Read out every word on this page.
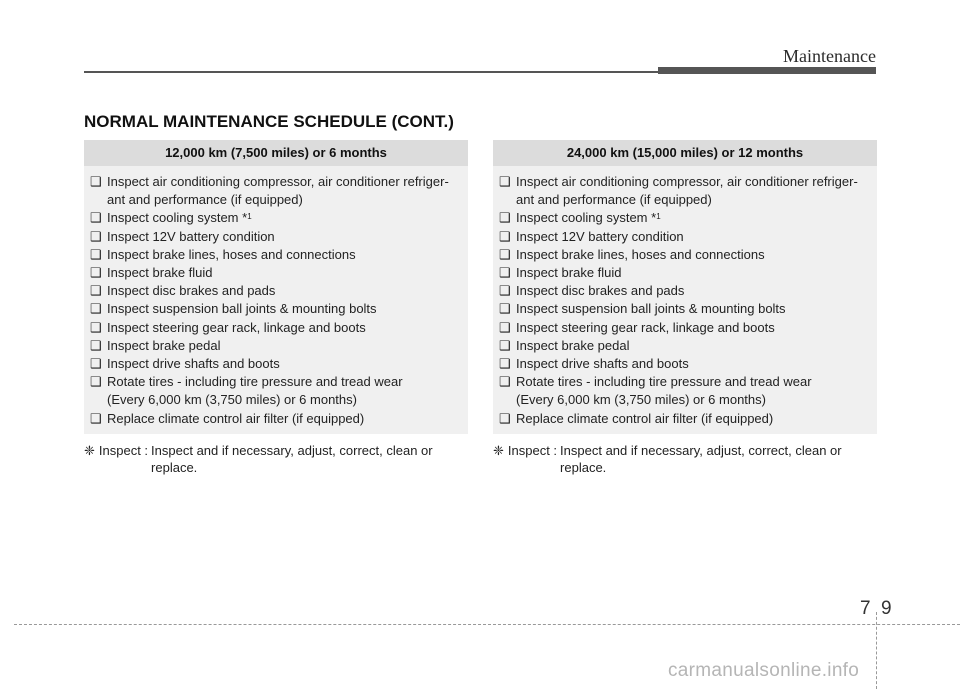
Maintenance
NORMAL MAINTENANCE SCHEDULE (CONT.)
12,000 km (7,500 miles) or 6 months
❑ Inspect air conditioning compressor, air conditioner refriger-
ant and performance (if equipped)
❑ Inspect cooling system *$^1$
❑ Inspect 12V battery condition
❑ Inspect brake lines, hoses and connections
❑ Inspect brake fluid
❑ Inspect disc brakes and pads
❑ Inspect suspension ball joints & mounting bolts
❑ Inspect steering gear rack, linkage and boots
❑ Inspect brake pedal
❑ Inspect drive shafts and boots
❑ Rotate tires - including tire pressure and tread wear
(Every 6,000 km (3,750 miles) or 6 months)
❑ Replace climate control air filter (if equipped)
❈ Inspect : Inspect and if necessary, adjust, correct, clean or
replace.
24,000 km (15,000 miles) or 12 months
❑ Inspect air conditioning compressor, air conditioner refriger-
ant and performance (if equipped)
❑ Inspect cooling system *$^1$
❑ Inspect 12V battery condition
❑ Inspect brake lines, hoses and connections
❑ Inspect brake fluid
❑ Inspect disc brakes and pads
❑ Inspect suspension ball joints & mounting bolts
❑ Inspect steering gear rack, linkage and boots
❑ Inspect brake pedal
❑ Inspect drive shafts and boots
❑ Rotate tires - including tire pressure and tread wear
(Every 6,000 km (3,750 miles) or 6 months)
❑ Replace climate control air filter (if equipped)
❈ Inspect : Inspect and if necessary, adjust, correct, clean or
replace.
7 9
carmanualsonline.info
